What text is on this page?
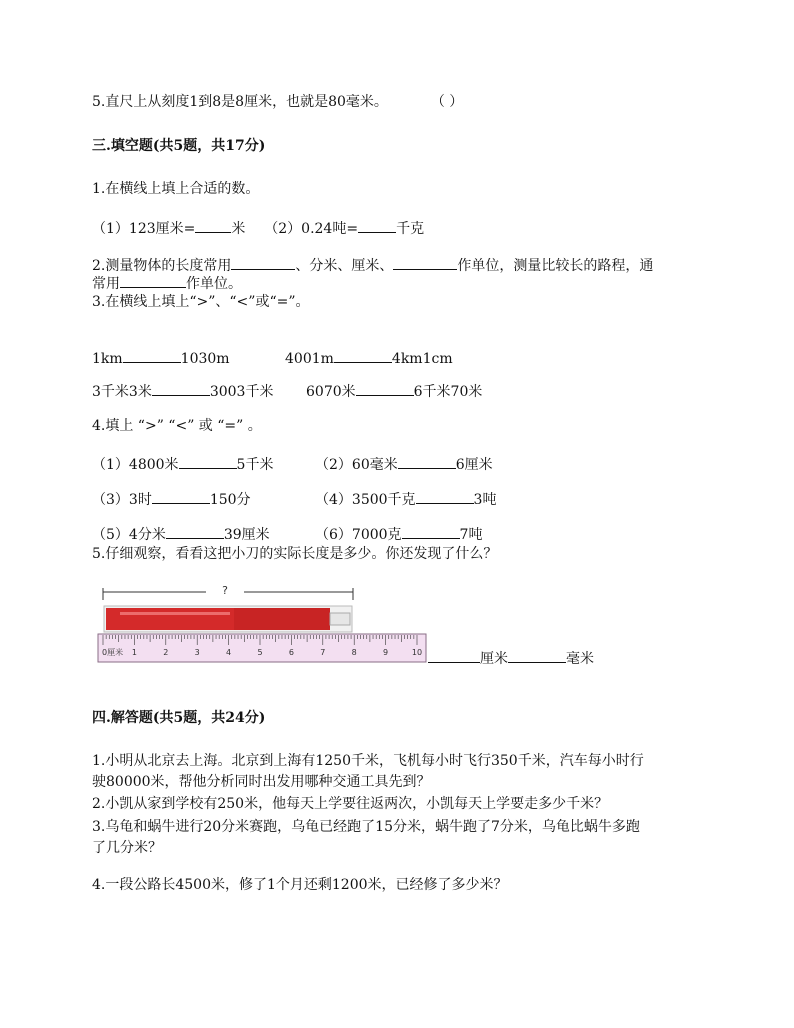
5.直尺上从刻度1到8是8厘米，也就是80毫米。	（ ）
三.填空题(共5题，共17分)
1.在横线上填上合适的数。
（1）123厘米=	米 （2）0.24吨=	千克
2.测量物体的长度常用	、分米、厘米、	作单位，测量比较长的路程，通
常用	作单位。
3.在横线上填上“>”、“<”或“=”。
1km	1030m	4001m	4km1cm
3千米3米	3003千米 6070米	6千米70米
4.填上 “>” “<” 或 “=” 。
（1）4800米	5千米	（2）60毫米	6厘米
（3）3时	150分	（4）3500千克	3吨
（5）4分米	39厘米	（6）7000克	7吨
5.仔细观察，看看这把小刀的实际长度是多少。你还发现了什么？
?
0厘米 1	2	3	4	5	6	7	8	9	10	厘米	毫米
四.解答题(共5题，共24分)
1.小明从北京去上海。北京到上海有1250千米，飞机每小时飞行350千米，汽车每小时行
驶80000米，帮他分析同时出发用哪种交通工具先到？
2.小凯从家到学校有250米，他每天上学要往返两次，小凯每天上学要走多少千米？
3.乌龟和蜗牛进行20分米赛跑，乌龟已经跑了15分米，蜗牛跑了7分米，乌龟比蜗牛多跑
了几分米？
4.一段公路长4500米，修了1个月还剩1200米，已经修了多少米？
